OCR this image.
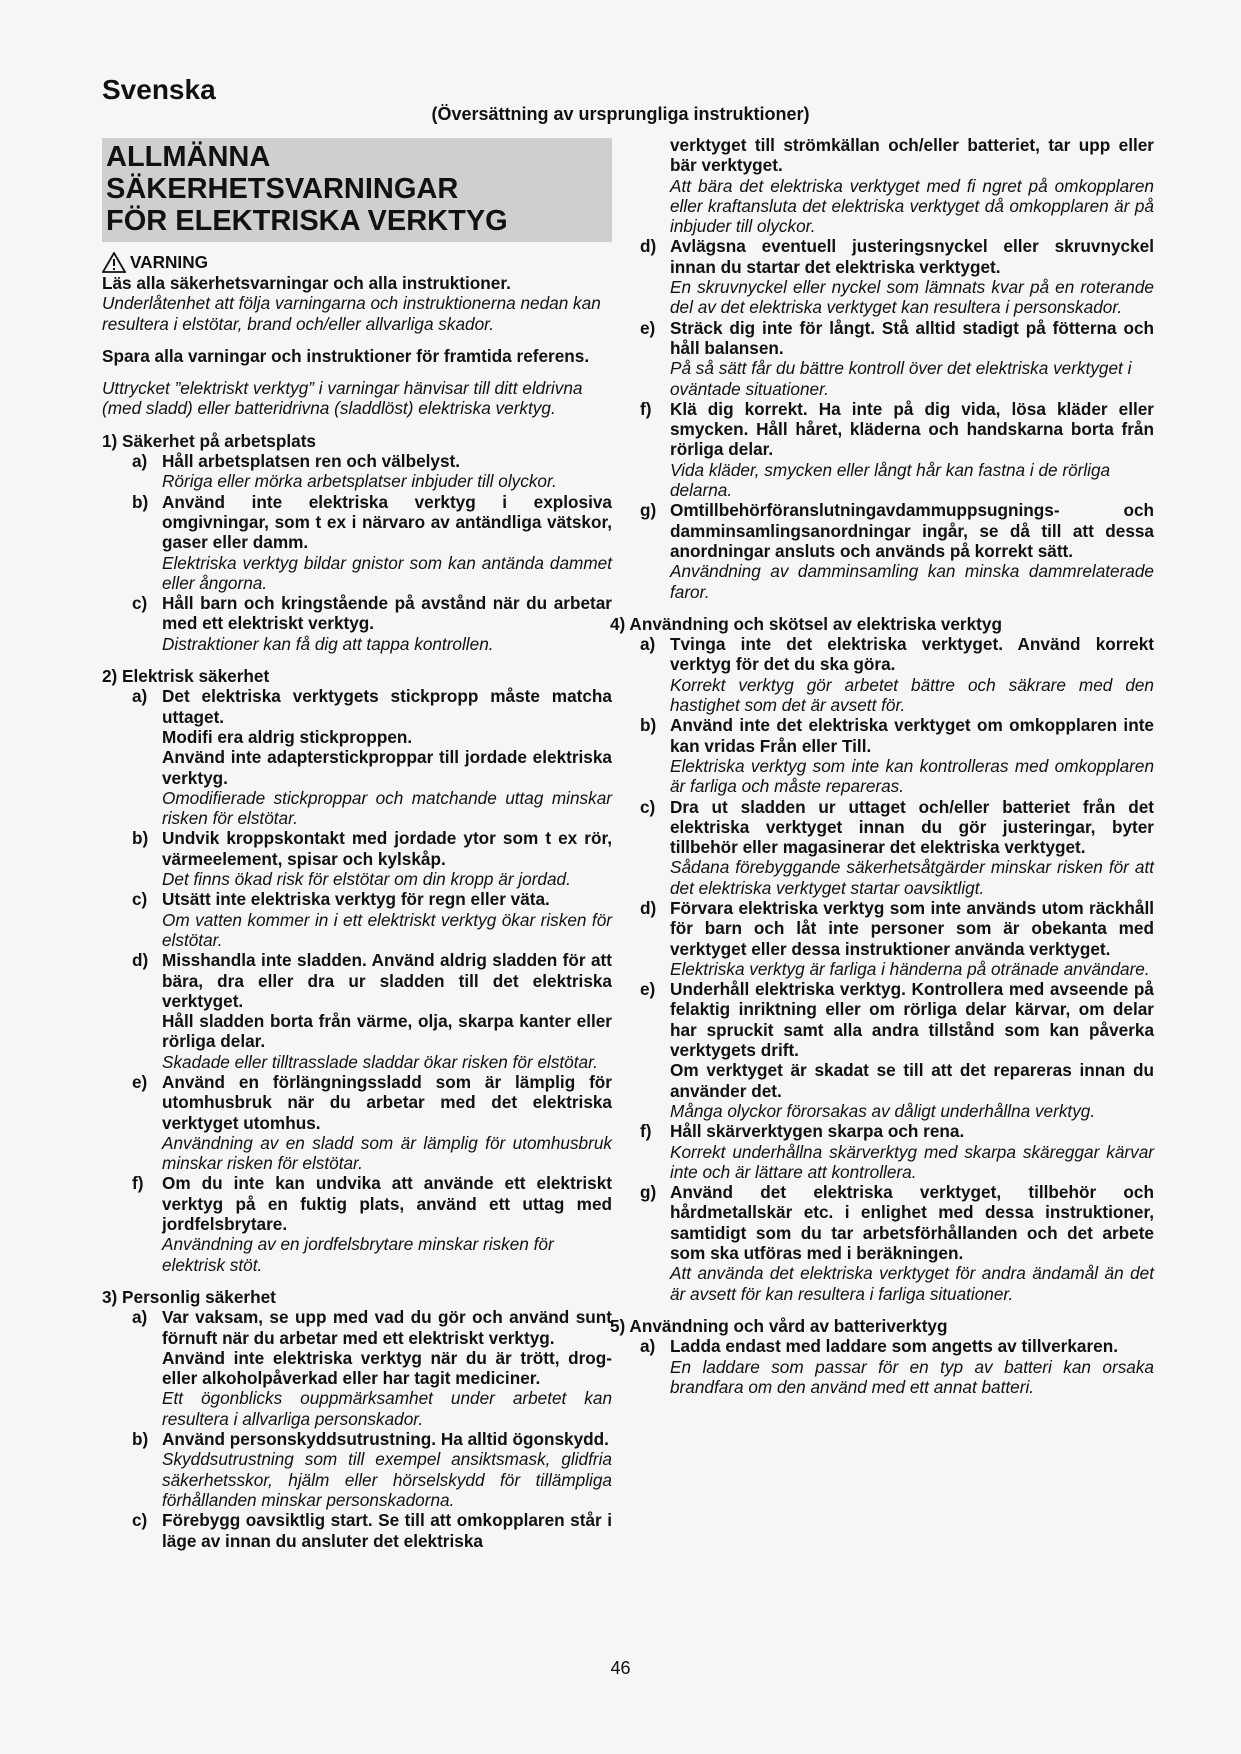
Svenska
(Översättning av ursprungliga instruktioner)
ALLMÄNNA SÄKERHETSVARNINGAR
FÖR ELEKTRISKA VERKTYG
VARNING
Läs alla säkerhetsvarningar och alla instruktioner.
Underlåtenhet att följa varningarna och instruktionerna nedan kan resultera i elstötar, brand och/eller allvarliga skador.
Spara alla varningar och instruktioner för framtida referens.
Uttrycket ”elektriskt verktyg” i varningar hänvisar till ditt eldrivna (med sladd) eller batteridrivna (sladdlöst) elektriska verktyg.
1) Säkerhet på arbetsplats
a) Håll arbetsplatsen ren och välbelyst.
Röriga eller mörka arbetsplatser inbjuder till olyckor.
b) Använd inte elektriska verktyg i explosiva omgivningar, som t ex i närvaro av antändliga vätskor, gaser eller damm.
Elektriska verktyg bildar gnistor som kan antända dammet eller ångorna.
c) Håll barn och kringstående på avstånd när du arbetar med ett elektriskt verktyg.
Distraktioner kan få dig att tappa kontrollen.
2) Elektrisk säkerhet
a) Det elektriska verktygets stickpropp måste matcha uttaget.
Modifi era aldrig stickproppen.
Använd inte adapterstickproppar till jordade elektriska verktyg.
Omodifierade stickproppar och matchande uttag minskar risken för elstötar.
b) Undvik kroppskontakt med jordade ytor som t ex rör, värmeelement, spisar och kylskåp.
Det finns ökad risk för elstötar om din kropp är jordad.
c) Utsätt inte elektriska verktyg för regn eller väta.
Om vatten kommer in i ett elektriskt verktyg ökar risken för elstötar.
d) Misshandla inte sladden. Använd aldrig sladden för att bära, dra eller dra ur sladden till det elektriska verktyget.
Håll sladden borta från värme, olja, skarpa kanter eller rörliga delar.
Skadade eller tilltrasslade sladdar ökar risken för elstötar.
e) Använd en förlängningssladd som är lämplig för utomhusbruk när du arbetar med det elektriska verktyget utomhus.
Användning av en sladd som är lämplig för utomhusbruk minskar risken för elstötar.
f)	Om du inte kan undvika att använde ett elektriskt verktyg på en fuktig plats, använd ett uttag med jordfelsbrytare.
Användning av en jordfelsbrytare minskar risken för elektrisk stöt.
3) Personlig säkerhet
a) Var vaksam, se upp med vad du gör och använd sunt förnuft när du arbetar med ett elektriskt verktyg.
Använd inte elektriska verktyg när du är trött, drog- eller alkoholpåverkad eller har tagit mediciner.
Ett ögonblicks ouppmärksamhet under arbetet kan resultera i allvarliga personskador.
b) Använd personskyddsutrustning. Ha alltid ögonskydd.
Skyddsutrustning som till exempel ansiktsmask, glidfria säkerhetsskor, hjälm eller hörselskydd för tillämpliga förhållanden minskar personskadorna.
c) Förebygg oavsiktlig start. Se till att omkopplaren står i läge av innan du ansluter det elektriska
verktyget till strömkällan och/eller batteriet, tar upp eller bär verktyget.
Att bära det elektriska verktyget med fi ngret på omkopplaren eller kraftansluta det elektriska verktyget då omkopplaren är på inbjuder till olyckor.
d) Avlägsna eventuell justeringsnyckel eller skruvnyckel innan du startar det elektriska verktyget.
En skruvnyckel eller nyckel som lämnats kvar på en roterande del av det elektriska verktyget kan resultera i personskador.
e) Sträck dig inte för långt. Stå alltid stadigt på fötterna och håll balansen.
På så sätt får du bättre kontroll över det elektriska verktyget i oväntade situationer.
f)	Klä dig korrekt. Ha inte på dig vida, lösa kläder eller smycken. Håll håret, kläderna och handskarna borta från rörliga delar.
Vida kläder, smycken eller långt hår kan fastna i de rörliga delarna.
g) Omtillbehörföranslutningavdammuppsugnings- och damminsamlingsanordningar ingår, se då till att dessa anordningar ansluts och används på korrekt sätt.
Användning av damminsamling kan minska dammrelaterade faror.
4) Användning och skötsel av elektriska verktyg
a) Tvinga inte det elektriska verktyget. Använd korrekt verktyg för det du ska göra.
Korrekt verktyg gör arbetet bättre och säkrare med den hastighet som det är avsett för.
b) Använd inte det elektriska verktyget om omkopplaren inte kan vridas Från eller Till.
Elektriska verktyg som inte kan kontrolleras med omkopplaren är farliga och måste repareras.
c) Dra ut sladden ur uttaget och/eller batteriet från det elektriska verktyget innan du gör justeringar, byter tillbehör eller magasinerar det elektriska verktyget.
Sådana förebyggande säkerhetsåtgärder minskar risken för att det elektriska verktyget startar oavsiktligt.
d) Förvara elektriska verktyg som inte används utom räckhåll för barn och låt inte personer som är obekanta med verktyget eller dessa instruktioner använda verktyget.
Elektriska verktyg är farliga i händerna på otränade användare.
e) Underhåll elektriska verktyg. Kontrollera med avseende på felaktig inriktning eller om rörliga delar kärvar, om delar har spruckit samt alla andra tillstånd som kan påverka verktygets drift.
Om verktyget är skadat se till att det repareras innan du använder det.
Många olyckor förorsakas av dåligt underhållna verktyg.
f)	Håll skärverktygen skarpa och rena.
Korrekt underhållna skärverktyg med skarpa skäreggar kärvar inte och är lättare att kontrollera.
g) Använd det elektriska verktyget, tillbehör och hårdmetallskär etc. i enlighet med dessa instruktioner, samtidigt som du tar arbetsförhållanden och det arbete som ska utföras med i beräkningen.
Att använda det elektriska verktyget för andra ändamål än det är avsett för kan resultera i farliga situationer.
5) Användning och vård av batteriverktyg
a) Ladda endast med laddare som angetts av tillverkaren.
En laddare som passar för en typ av batteri kan orsaka brandfara om den använd med ett annat batteri.
46
